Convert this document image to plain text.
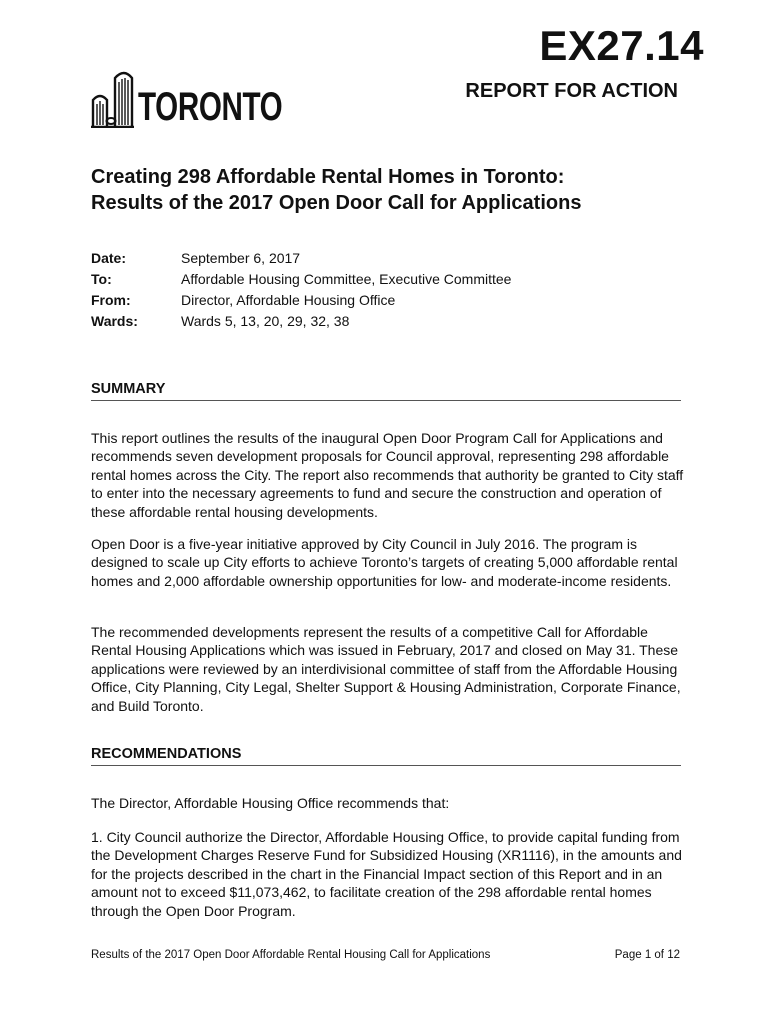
EX27.14
REPORT FOR ACTION
TORONTO
Creating 298 Affordable Rental Homes in Toronto:
Results of the 2017 Open Door Call for Applications
Date:	September 6, 2017
To:	Affordable Housing Committee, Executive Committee
From:	Director, Affordable Housing Office
Wards:	Wards 5, 13, 20, 29, 32, 38
SUMMARY

This report outlines the results of the inaugural Open Door Program Call for Applications and recommends seven development proposals for Council approval, representing 298 affordable rental homes across the City. The report also recommends that authority be granted to City staff to enter into the necessary agreements to fund and secure the construction and operation of these affordable rental housing developments.

Open Door is a five-year initiative approved by City Council in July 2016. The program is designed to scale up City efforts to achieve Toronto’s targets of creating 5,000 affordable rental homes and 2,000 affordable ownership opportunities for low- and moderate-income residents.

The recommended developments represent the results of a competitive Call for Affordable Rental Housing Applications which was issued in February, 2017 and closed on May 31. These applications were reviewed by an interdivisional committee of staff from the Affordable Housing Office, City Planning, City Legal, Shelter Support & Housing Administration, Corporate Finance, and Build Toronto.

RECOMMENDATIONS

The Director, Affordable Housing Office recommends that:

1. City Council authorize the Director, Affordable Housing Office, to provide capital funding from the Development Charges Reserve Fund for Subsidized Housing (XR1116), in the amounts and for the projects described in the chart in the Financial Impact section of this Report and in an amount not to exceed $11,073,462, to facilitate creation of the 298 affordable rental homes through the Open Door Program.

Results of the 2017 Open Door Affordable Rental Housing Call for Applications	Page 1 of 12
